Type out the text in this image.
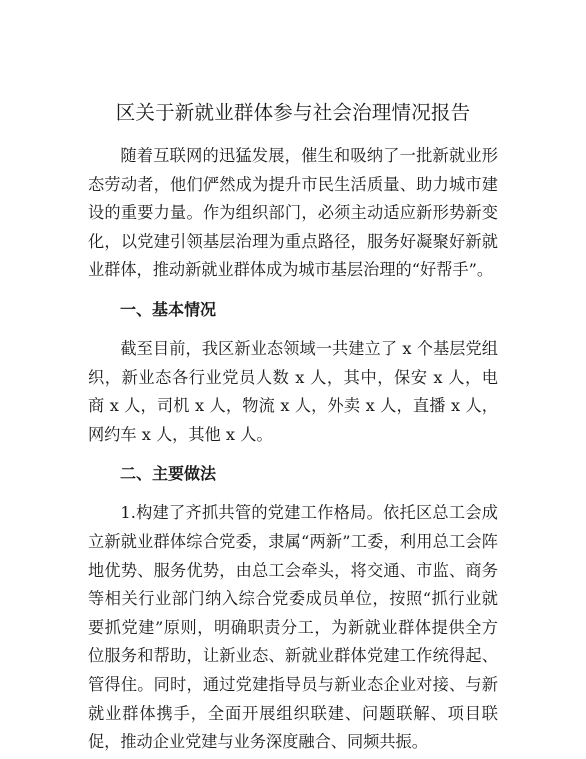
区关于新就业群体参与社会治理情况报告

随着互联网的迅猛发展，催生和吸纳了一批新就业形态劳动者，他们俨然成为提升市民生活质量、助力城市建设的重要力量。作为组织部门，必须主动适应新形势新变化，以党建引领基层治理为重点路径，服务好凝聚好新就业群体，推动新就业群体成为城市基层治理的“好帮手”。

一、基本情况

截至目前，我区新业态领域一共建立了 x 个基层党组织，新业态各行业党员人数 x 人，其中，保安 x 人，电商 x 人，司机 x 人，物流 x 人，外卖 x 人，直播 x 人，网约车 x 人，其他 x 人。

二、主要做法

1.构建了齐抓共管的党建工作格局。依托区总工会成立新就业群体综合党委，隶属“两新”工委，利用总工会阵地优势、服务优势，由总工会牵头，将交通、市监、商务等相关行业部门纳入综合党委成员单位，按照“抓行业就要抓党建”原则，明确职责分工，为新就业群体提供全方位服务和帮助，让新业态、新就业群体党建工作统得起、管得住。同时，通过党建指导员与新业态企业对接、与新就业群体携手，全面开展组织联建、问题联解、项目联促，推动企业党建与业务深度融合、同频共振。
